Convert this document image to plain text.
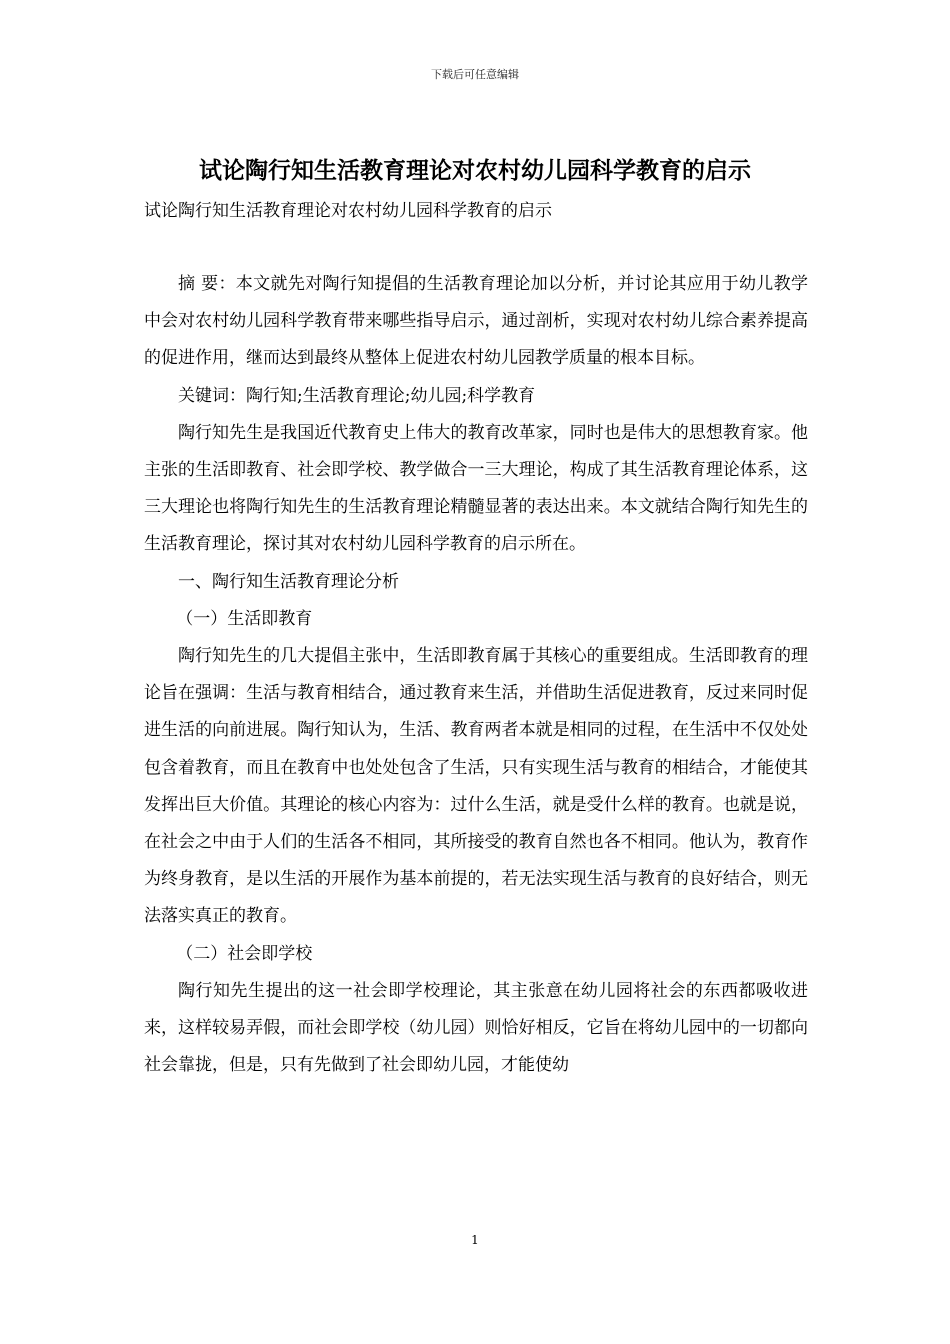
下载后可任意编辑
试论陶行知生活教育理论对农村幼儿园科学教育的启示

试论陶行知生活教育理论对农村幼儿园科学教育的启示

摘 要：本文就先对陶行知提倡的生活教育理论加以分析，并讨论其应用于幼儿教学中会对农村幼儿园科学教育带来哪些指导启示，通过剖析，实现对农村幼儿综合素养提高的促进作用，继而达到最终从整体上促进农村幼儿园教学质量的根本目标。

关键词：陶行知;生活教育理论;幼儿园;科学教育

陶行知先生是我国近代教育史上伟大的教育改革家，同时也是伟大的思想教育家。他主张的生活即教育、社会即学校、教学做合一三大理论，构成了其生活教育理论体系，这三大理论也将陶行知先生的生活教育理论精髓显著的表达出来。本文就结合陶行知先生的生活教育理论，探讨其对农村幼儿园科学教育的启示所在。

一、陶行知生活教育理论分析

（一）生活即教育

陶行知先生的几大提倡主张中，生活即教育属于其核心的重要组成。生活即教育的理论旨在强调：生活与教育相结合，通过教育来生活，并借助生活促进教育，反过来同时促进生活的向前进展。陶行知认为，生活、教育两者本就是相同的过程，在生活中不仅处处包含着教育，而且在教育中也处处包含了生活，只有实现生活与教育的相结合，才能使其发挥出巨大价值。其理论的核心内容为：过什么生活，就是受什么样的教育。也就是说，在社会之中由于人们的生活各不相同，其所接受的教育自然也各不相同。他认为，教育作为终身教育，是以生活的开展作为基本前提的，若无法实现生活与教育的良好结合，则无法落实真正的教育。

（二）社会即学校

陶行知先生提出的这一社会即学校理论，其主张意在幼儿园将社会的东西都吸收进来，这样较易弄假，而社会即学校（幼儿园）则恰好相反，它旨在将幼儿园中的一切都向社会靠拢，但是，只有先做到了社会即幼儿园，才能使幼

1
